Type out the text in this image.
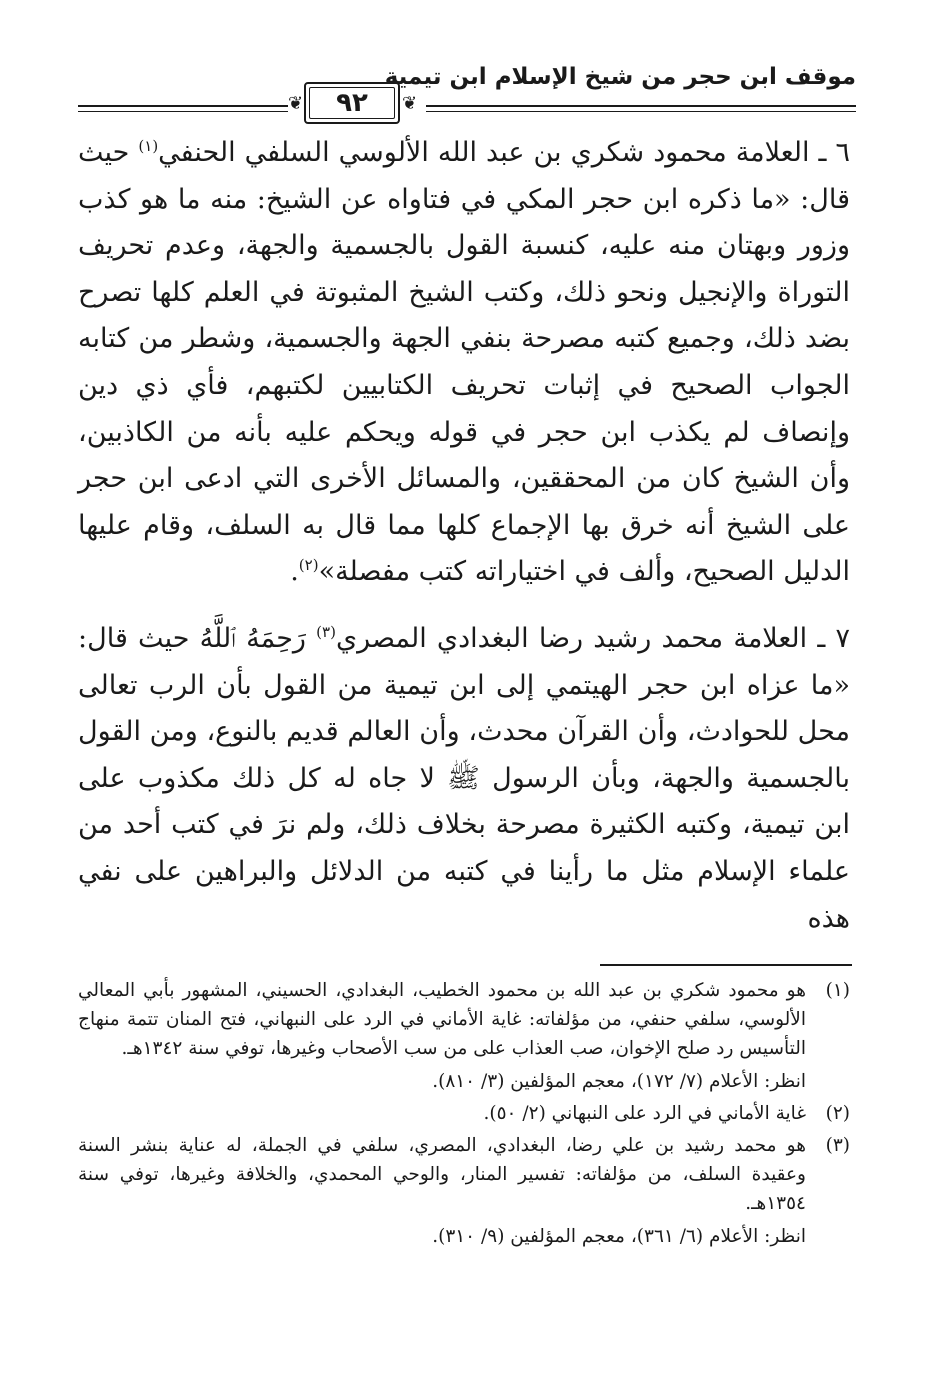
موقف ابن حجر من شيخ الإسلام ابن تيمية
❦
٩٢
❦

٦ ـ العلامة محمود شكري بن عبد الله الألوسي السلفي الحنفي$^{(١)}$ حيث قال: «ما ذكره ابن حجر المكي في فتاواه عن الشيخ: منه ما هو كذب وزور وبهتان منه عليه، كنسبة القول بالجسمية والجهة، وعدم تحريف التوراة والإنجيل ونحو ذلك، وكتب الشيخ المثبوتة في العلم كلها تصرح بضد ذلك، وجميع كتبه مصرحة بنفي الجهة والجسمية، وشطر من كتابه الجواب الصحيح في إثبات تحريف الكتابيين لكتبهم، فأي ذي دين وإنصاف لم يكذب ابن حجر في قوله ويحكم عليه بأنه من الكاذبين، وأن الشيخ كان من المحققين، والمسائل الأخرى التي ادعى ابن حجر على الشيخ أنه خرق بها الإجماع كلها مما قال به السلف، وقام عليها الدليل الصحيح، وألف في اختياراته كتب مفصلة»$^{(٢)}$.

٧ ـ العلامة محمد رشيد رضا البغدادي المصري$^{(٣)}$ رَحِمَهُ ٱللَّهُ حيث قال: «ما عزاه ابن حجر الهيتمي إلى ابن تيمية من القول بأن الرب تعالى محل للحوادث، وأن القرآن محدث، وأن العالم قديم بالنوع، ومن القول بالجسمية والجهة، وبأن الرسول ﷺ لا جاه له كل ذلك مكذوب على ابن تيمية، وكتبه الكثيرة مصرحة بخلاف ذلك، ولم نرَ في كتب أحد من علماء الإسلام مثل ما رأينا في كتبه من الدلائل والبراهين على نفي هذه

(١)

هو محمود شكري بن عبد الله بن محمود الخطيب، البغدادي، الحسيني، المشهور بأبي المعالي الألوسي، سلفي حنفي، من مؤلفاته: غاية الأماني في الرد على النبهاني، فتح المنان تتمة منهاج التأسيس رد صلح الإخوان، صب العذاب على من سب الأصحاب وغيرها، توفي سنة ١٣٤٢هـ.

انظر: الأعلام (٧/ ١٧٢)، معجم المؤلفين (٣/ ٨١٠).

(٢)

غاية الأماني في الرد على النبهاني (٢/ ٥٠).

(٣)

هو محمد رشيد بن علي رضا، البغدادي، المصري، سلفي في الجملة، له عناية بنشر السنة وعقيدة السلف، من مؤلفاته: تفسير المنار، والوحي المحمدي، والخلافة وغيرها، توفي سنة ١٣٥٤هـ.

انظر: الأعلام (٦/ ٣٦١)، معجم المؤلفين (٩/ ٣١٠).
